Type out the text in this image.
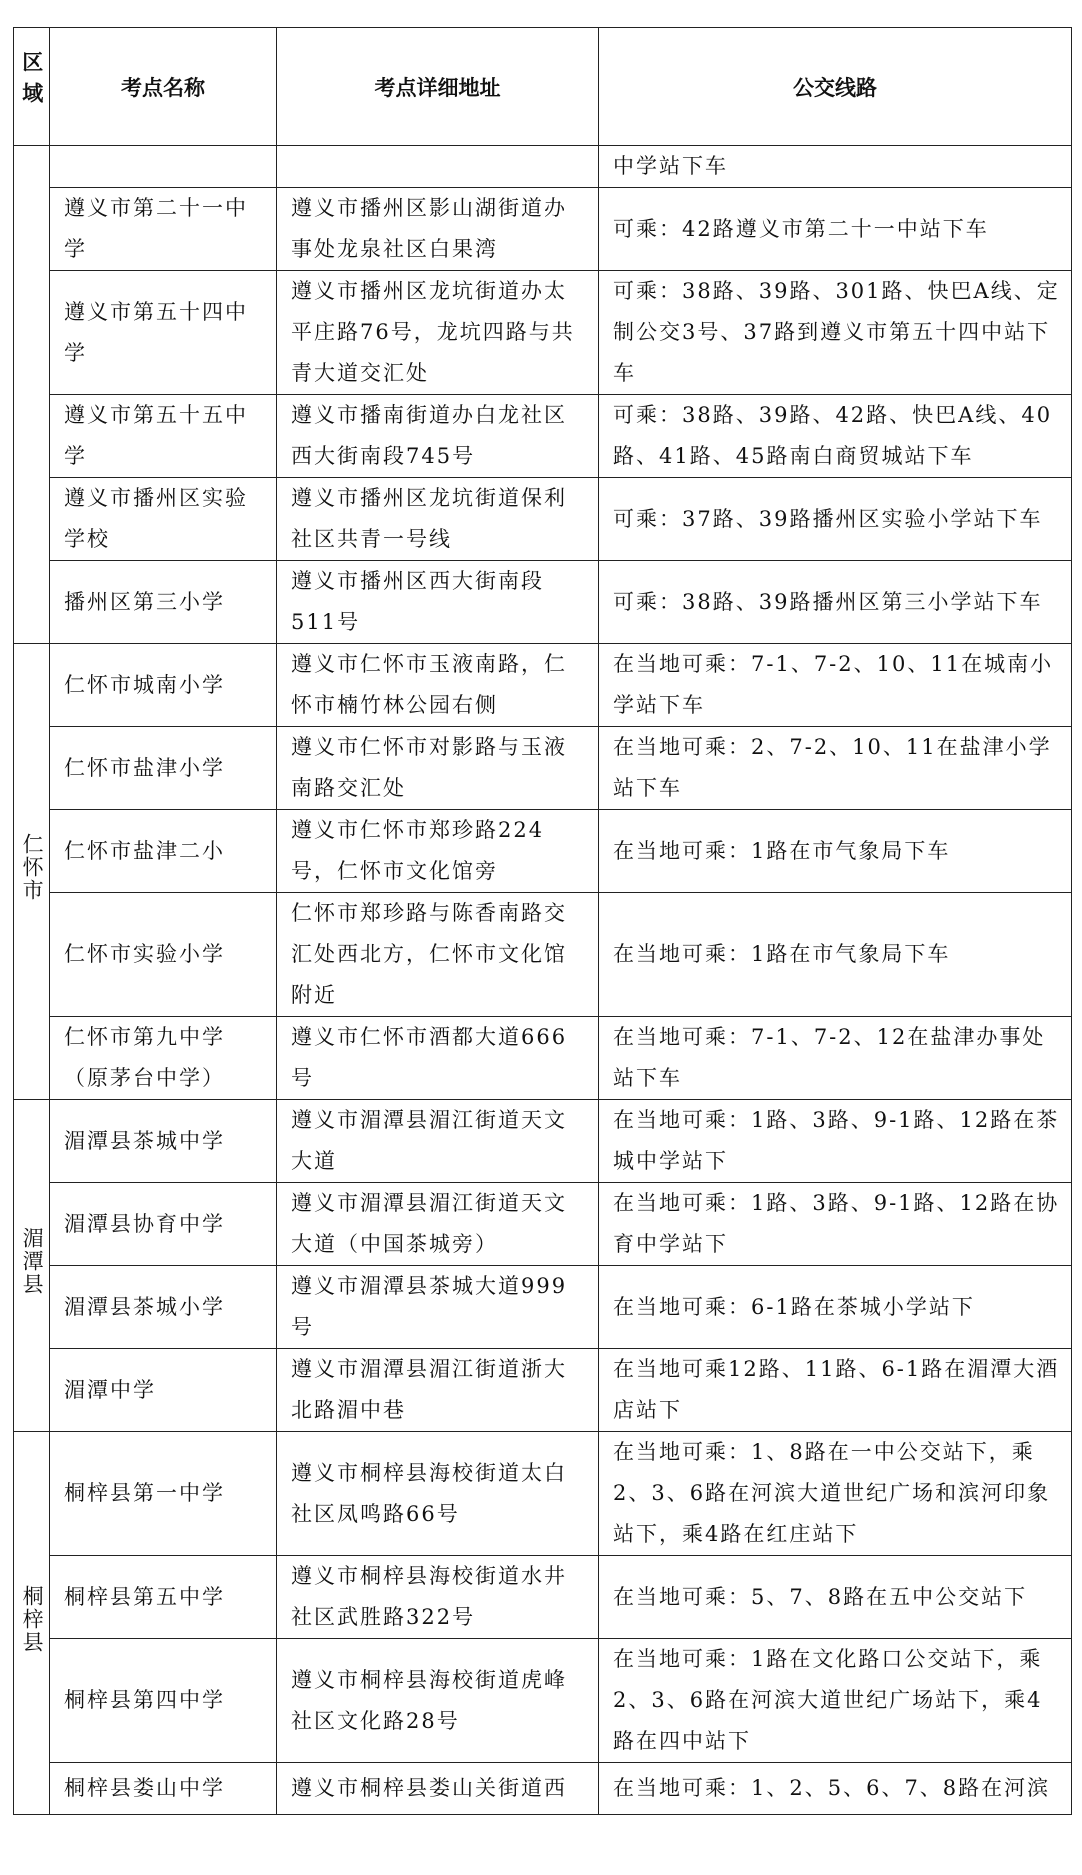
区域	考点名称	考点详细地址	公交线路
			中学站下车
	遵义市第二十一中学	遵义市播州区影山湖街道办事处龙泉社区白果湾	可乘：42路遵义市第二十一中站下车
	遵义市第五十四中学	遵义市播州区龙坑街道办太平庄路76号，龙坑四路与共青大道交汇处	可乘：38路、39路、301路、快巴A线、定制公交3号、37路到遵义市第五十四中站下车
	遵义市第五十五中学	遵义市播南街道办白龙社区西大街南段745号	可乘：38路、39路、42路、快巴A线、40路、41路、45路南白商贸城站下车
	遵义市播州区实验学校	遵义市播州区龙坑街道保利社区共青一号线	可乘：37路、39路播州区实验小学站下车
	播州区第三小学	遵义市播州区西大街南段511号	可乘：38路、39路播州区第三小学站下车
仁怀市	仁怀市城南小学	遵义市仁怀市玉液南路，仁怀市楠竹林公园右侧	在当地可乘：7-1、7-2、10、11在城南小学站下车
	仁怀市盐津小学	遵义市仁怀市对影路与玉液南路交汇处	在当地可乘：2、7-2、10、11在盐津小学站下车
	仁怀市盐津二小	遵义市仁怀市郑珍路224号，仁怀市文化馆旁	在当地可乘：1路在市气象局下车
	仁怀市实验小学	仁怀市郑珍路与陈香南路交汇处西北方，仁怀市文化馆附近	在当地可乘：1路在市气象局下车
	仁怀市第九中学（原茅台中学）	遵义市仁怀市酒都大道666号	在当地可乘：7-1、7-2、12在盐津办事处站下车
湄潭县	湄潭县茶城中学	遵义市湄潭县湄江街道天文大道	在当地可乘：1路、3路、9-1路、12路在茶城中学站下
	湄潭县协育中学	遵义市湄潭县湄江街道天文大道（中国茶城旁）	在当地可乘：1路、3路、9-1路、12路在协育中学站下
	湄潭县茶城小学	遵义市湄潭县茶城大道999号	在当地可乘：6-1路在茶城小学站下
	湄潭中学	遵义市湄潭县湄江街道浙大北路湄中巷	在当地可乘12路、11路、6-1路在湄潭大酒店站下
桐梓县	桐梓县第一中学	遵义市桐梓县海校街道太白社区凤鸣路66号	在当地可乘：1、8路在一中公交站下，乘2、3、6路在河滨大道世纪广场和滨河印象站下，乘4路在红庄站下
	桐梓县第五中学	遵义市桐梓县海校街道水井社区武胜路322号	在当地可乘：5、7、8路在五中公交站下
	桐梓县第四中学	遵义市桐梓县海校街道虎峰社区文化路28号	在当地可乘：1路在文化路口公交站下，乘2、3、6路在河滨大道世纪广场站下，乘4路在四中站下
	桐梓县娄山中学	遵义市桐梓县娄山关街道西	在当地可乘：1、2、5、6、7、8路在河滨
